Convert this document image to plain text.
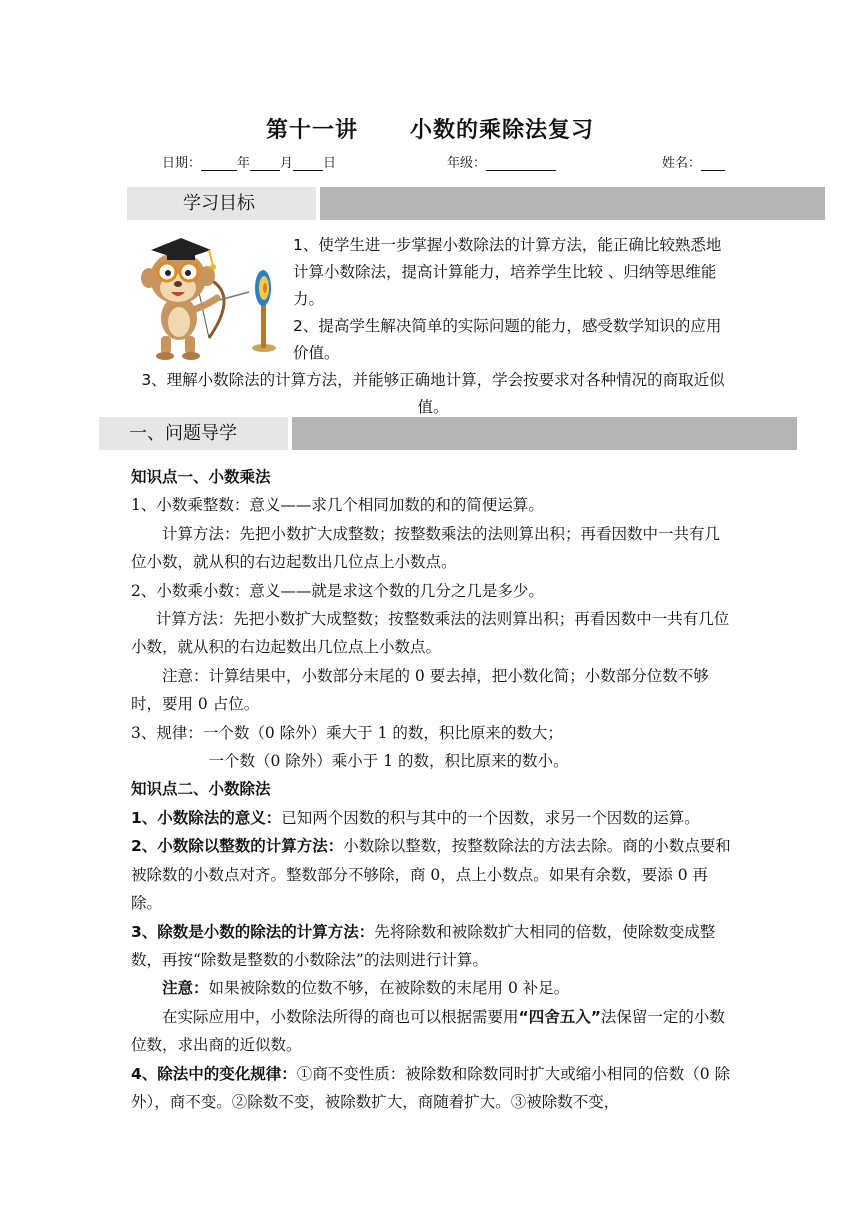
第十一讲      小数的乘除法复习
日期：	年 月 日	年级：	姓名：
学习目标
1、使学生进一步掌握小数除法的计算方法，能正确比较熟悉地计算小数除法，提高计算能力，培养学生比较 、归纳等思维能力。
2、提高学生解决简单的实际问题的能力，感受数学知识的应用价值。
3、理解小数除法的计算方法，并能够正确地计算，学会按要求对各种情况的商取近似值。
一、问题导学

知识点一、小数乘法

1、小数乘整数：意义——求几个相同加数的和的简便运算。

计算方法：先把小数扩大成整数；按整数乘法的法则算出积；再看因数中一共有几位小数，就从积的右边起数出几位点上小数点。

2、小数乘小数：意义——就是求这个数的几分之几是多少。

计算方法：先把小数扩大成整数；按整数乘法的法则算出积；再看因数中一共有几位小数，就从积的右边起数出几位点上小数点。

注意：计算结果中，小数部分末尾的 0 要去掉，把小数化简；小数部分位数不够时，要用 0 占位。

3、规律：一个数（0 除外）乘大于 1 的数，积比原来的数大；

一个数（0 除外）乘小于 1 的数，积比原来的数小。

知识点二、小数除法

1、小数除法的意义：已知两个因数的积与其中的一个因数，求另一个因数的运算。

2、小数除以整数的计算方法：小数除以整数，按整数除法的方法去除。商的小数点要和被除数的小数点对齐。整数部分不够除，商 0，点上小数点。如果有余数，要添 0 再除。

3、除数是小数的除法的计算方法：先将除数和被除数扩大相同的倍数，使除数变成整数，再按“除数是整数的小数除法”的法则进行计算。

注意：如果被除数的位数不够，在被除数的末尾用 0 补足。

在实际应用中，小数除法所得的商也可以根据需要用“四舍五入”法保留一定的小数位数，求出商的近似数。

4、除法中的变化规律：①商不变性质：被除数和除数同时扩大或缩小相同的倍数（0 除外），商不变。②除数不变，被除数扩大，商随着扩大。③被除数不变，
